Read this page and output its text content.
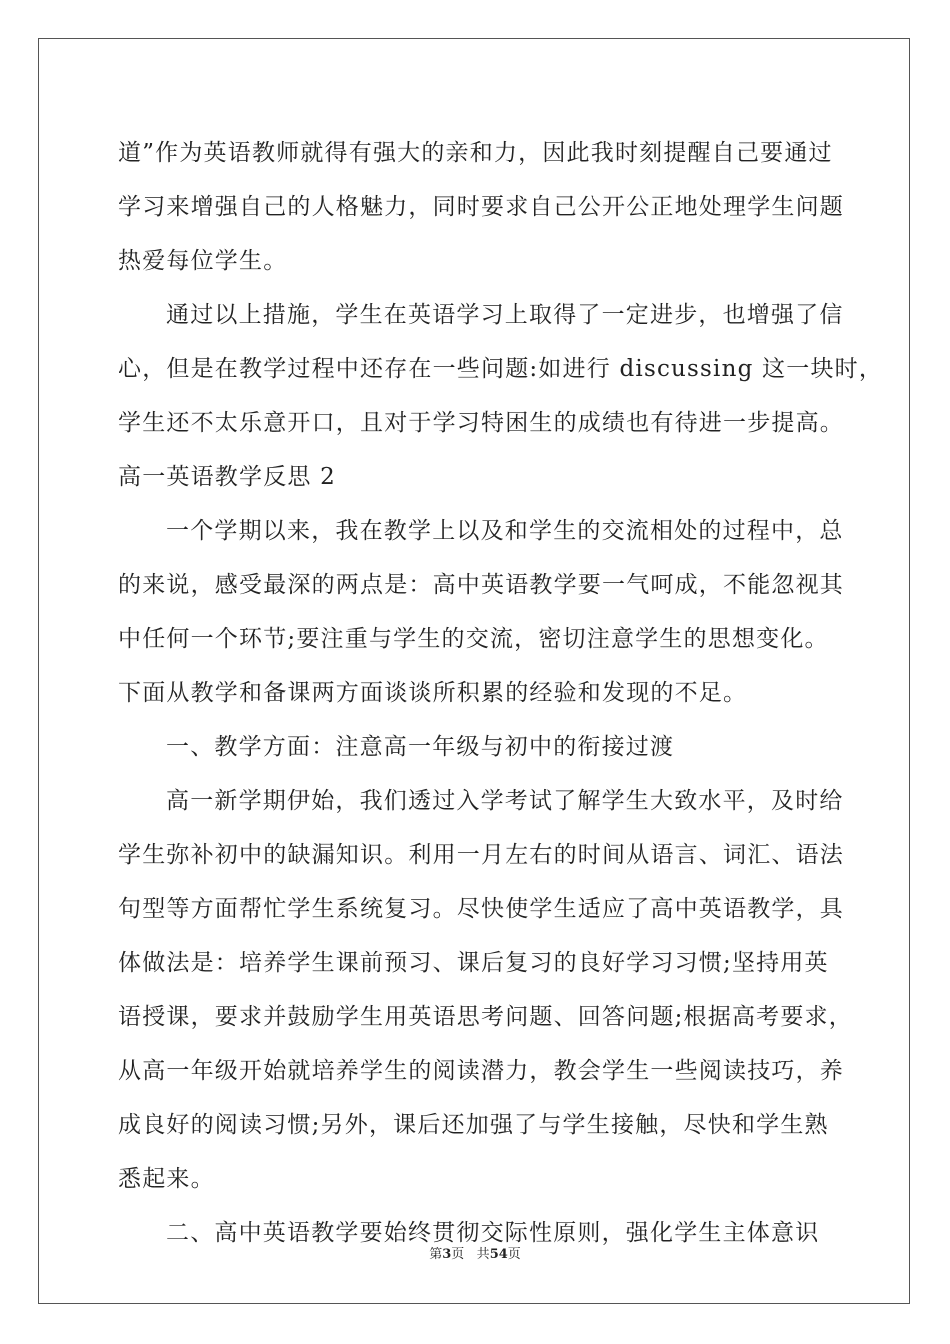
道”作为英语教师就得有强大的亲和力，因此我时刻提醒自己要通过
学习来增强自己的人格魅力，同时要求自己公开公正地处理学生问题
热爱每位学生。
通过以上措施，学生在英语学习上取得了一定进步，也增强了信
心，但是在教学过程中还存在一些问题:如进行 discussing 这一块时，
学生还不太乐意开口，且对于学习特困生的成绩也有待进一步提高。
高一英语教学反思 2
一个学期以来，我在教学上以及和学生的交流相处的过程中，总
的来说，感受最深的两点是：高中英语教学要一气呵成，不能忽视其
中任何一个环节;要注重与学生的交流，密切注意学生的思想变化。
下面从教学和备课两方面谈谈所积累的经验和发现的不足。
一、教学方面：注意高一年级与初中的衔接过渡
高一新学期伊始，我们透过入学考试了解学生大致水平，及时给
学生弥补初中的缺漏知识。利用一月左右的时间从语言、词汇、语法
句型等方面帮忙学生系统复习。尽快使学生适应了高中英语教学，具
体做法是：培养学生课前预习、课后复习的良好学习习惯;坚持用英
语授课，要求并鼓励学生用英语思考问题、回答问题;根据高考要求，
从高一年级开始就培养学生的阅读潜力，教会学生一些阅读技巧，养
成良好的阅读习惯;另外，课后还加强了与学生接触，尽快和学生熟
悉起来。
二、高中英语教学要始终贯彻交际性原则，强化学生主体意识
第3页 共54页
